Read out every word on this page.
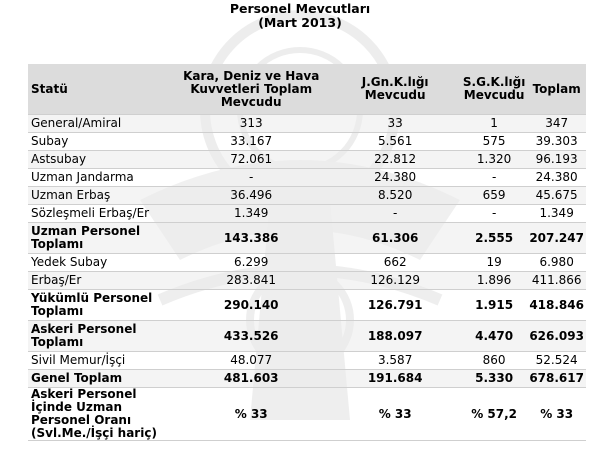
Personel Mevcutları
(Mart 2013)
Statü	Kara, Deniz ve Hava Kuvvetleri Toplam Mevcudu	J.Gn.K.lığı Mevcudu	S.G.K.lığı Mevcudu	Toplam
General/Amiral	313	33	1	347
Subay	33.167	5.561	575	39.303
Astsubay	72.061	22.812	1.320	96.193
Uzman Jandarma	-	24.380	-	24.380
Uzman Erbaş	36.496	8.520	659	45.675
Sözleşmeli Erbaş/Er	1.349	-	-	1.349
Uzman Personel Toplamı	143.386	61.306	2.555	207.247
Yedek Subay	6.299	662	19	6.980
Erbaş/Er	283.841	126.129	1.896	411.866
Yükümlü Personel Toplamı	290.140	126.791	1.915	418.846
Askeri Personel Toplamı	433.526	188.097	4.470	626.093
Sivil Memur/İşçi	48.077	3.587	860	52.524
Genel Toplam	481.603	191.684	5.330	678.617
Askeri Personel İçinde Uzman Personel Oranı (Svl.Me./İşçi hariç)	% 33	% 33	% 57,2	% 33
